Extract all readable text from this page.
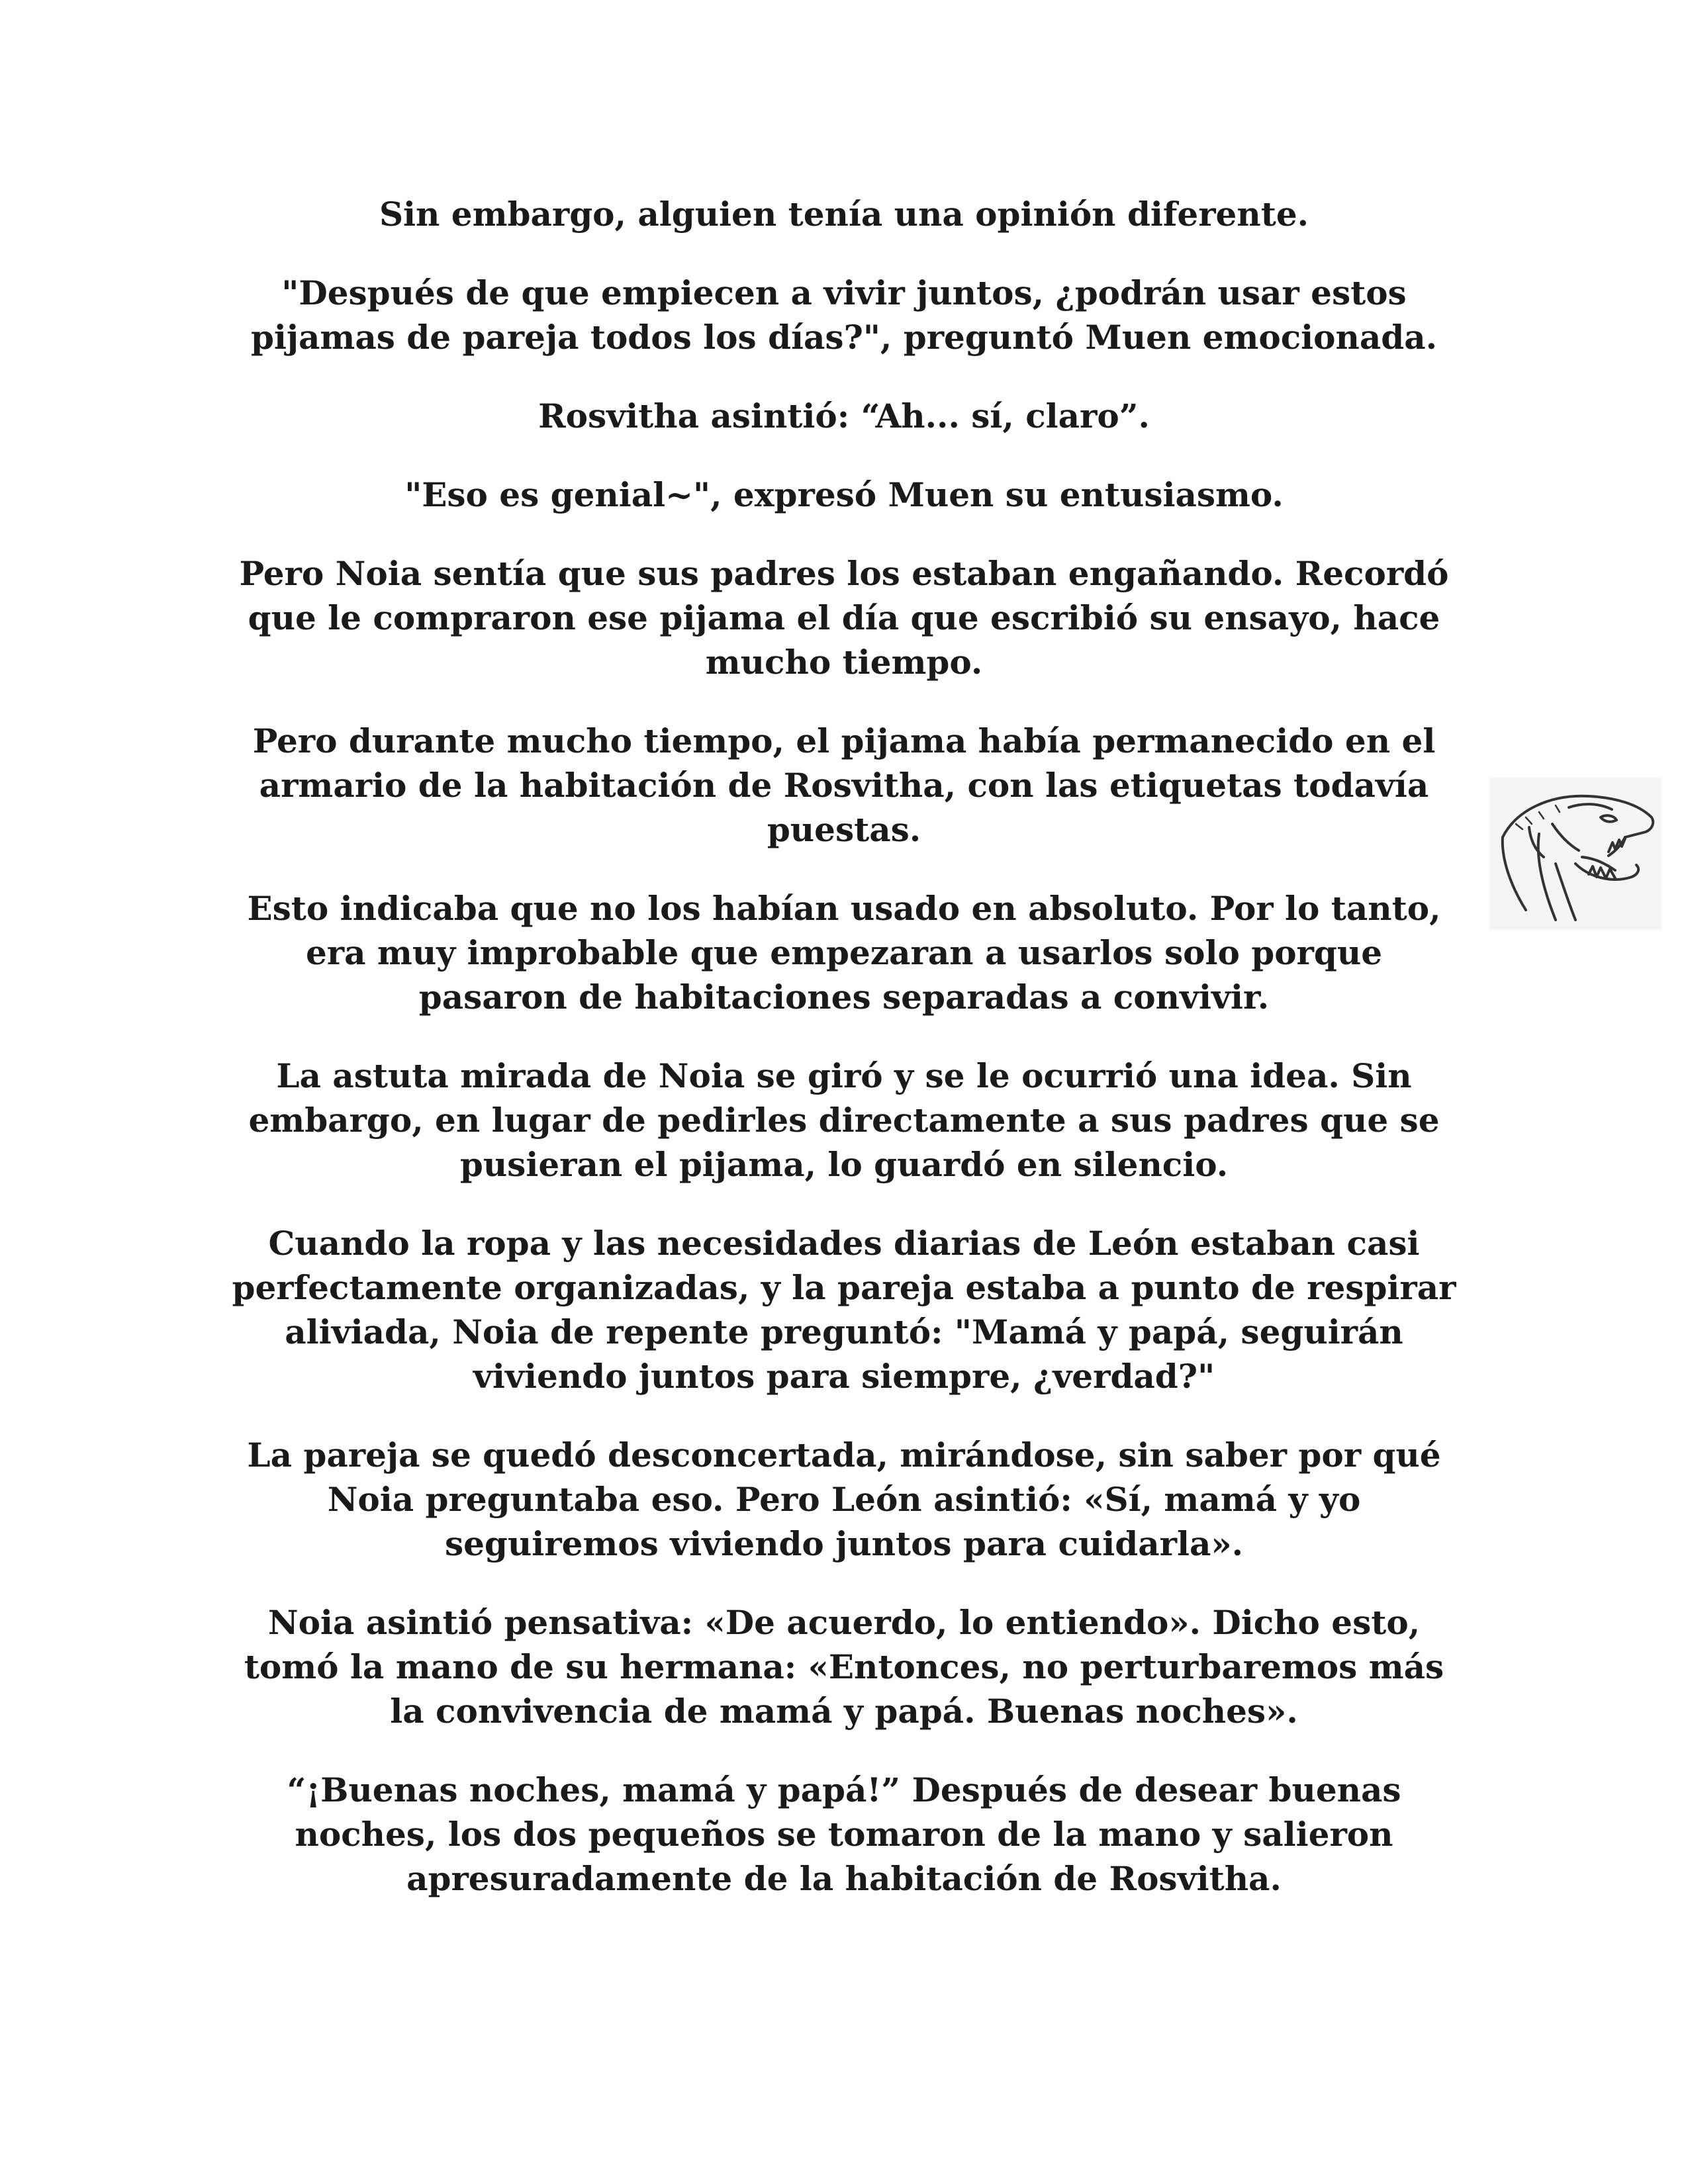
Sin embargo, alguien tenía una opinión diferente.

"Después de que empiecen a vivir juntos, ¿podrán usar estos pijamas de pareja todos los días?", preguntó Muen emocionada.

Rosvitha asintió: “Ah... sí, claro”.

"Eso es genial~", expresó Muen su entusiasmo.

Pero Noia sentía que sus padres los estaban engañando. Recordó que le compraron ese pijama el día que escribió su ensayo, hace mucho tiempo.

Pero durante mucho tiempo, el pijama había permanecido en el armario de la habitación de Rosvitha, con las etiquetas todavía puestas.

Esto indicaba que no los habían usado en absoluto. Por lo tanto, era muy improbable que empezaran a usarlos solo porque pasaron de habitaciones separadas a convivir.

La astuta mirada de Noia se giró y se le ocurrió una idea. Sin embargo, en lugar de pedirles directamente a sus padres que se pusieran el pijama, lo guardó en silencio.

Cuando la ropa y las necesidades diarias de León estaban casi perfectamente organizadas, y la pareja estaba a punto de respirar aliviada, Noia de repente preguntó: "Mamá y papá, seguirán viviendo juntos para siempre, ¿verdad?"

La pareja se quedó desconcertada, mirándose, sin saber por qué Noia preguntaba eso. Pero León asintió: «Sí, mamá y yo seguiremos viviendo juntos para cuidarla».

Noia asintió pensativa: «De acuerdo, lo entiendo». Dicho esto, tomó la mano de su hermana: «Entonces, no perturbaremos más la convivencia de mamá y papá. Buenas noches».

“¡Buenas noches, mamá y papá!” Después de desear buenas noches, los dos pequeños se tomaron de la mano y salieron apresuradamente de la habitación de Rosvitha.
